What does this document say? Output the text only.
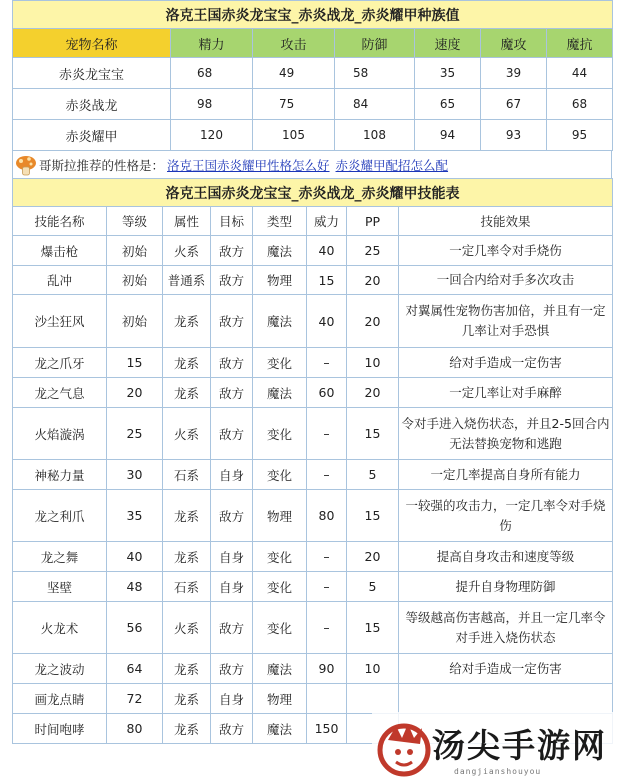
洛克王国赤炎龙宝宝_赤炎战龙_赤炎耀甲种族值						
宠物名称	精力	攻击	防御	速度	魔攻	魔抗
赤炎龙宝宝	68	49	58	35	39	44
赤炎战龙	98	75	84	65	67	68
赤炎耀甲	120	105	108	94	93	95
哥斯拉推荐的性格是： 洛克王国赤炎耀甲性格怎么好 赤炎耀甲配招怎么配
洛克王国赤炎龙宝宝_赤炎战龙_赤炎耀甲技能表							
技能名称	等级	属性	目标	类型	威力	PP	技能效果
爆击枪	初始	火系	敌方	魔法	40	25	一定几率令对手烧伤
乱冲	初始	普通系	敌方	物理	15	20	一回合内给对手多次攻击
沙尘狂风	初始	龙系	敌方	魔法	40	20	对翼属性宠物伤害加倍，并且有一定几率让对手恐惧
龙之爪牙	15	龙系	敌方	变化	–	10	给对手造成一定伤害
龙之气息	20	龙系	敌方	魔法	60	20	一定几率让对手麻醉
火焰漩涡	25	火系	敌方	变化	–	15	令对手进入烧伤状态，并且2-5回合内无法替换宠物和逃跑
神秘力量	30	石系	自身	变化	–	5	一定几率提高自身所有能力
龙之利爪	35	龙系	敌方	物理	80	15	一较强的攻击力，一定几率令对手烧伤
龙之舞	40	龙系	自身	变化	–	20	提高自身攻击和速度等级
坚壁	48	石系	自身	变化	–	5	提升自身物理防御
火龙术	56	火系	敌方	变化	–	15	等级越高伤害越高，并且一定几率令对手进入烧伤状态
龙之波动	64	龙系	敌方	魔法	90	10	给对手造成一定伤害
画龙点睛	72	龙系	自身	物理			
时间咆哮	80	龙系	敌方	魔法	150			汤尖手游网
dangjianshouyou
